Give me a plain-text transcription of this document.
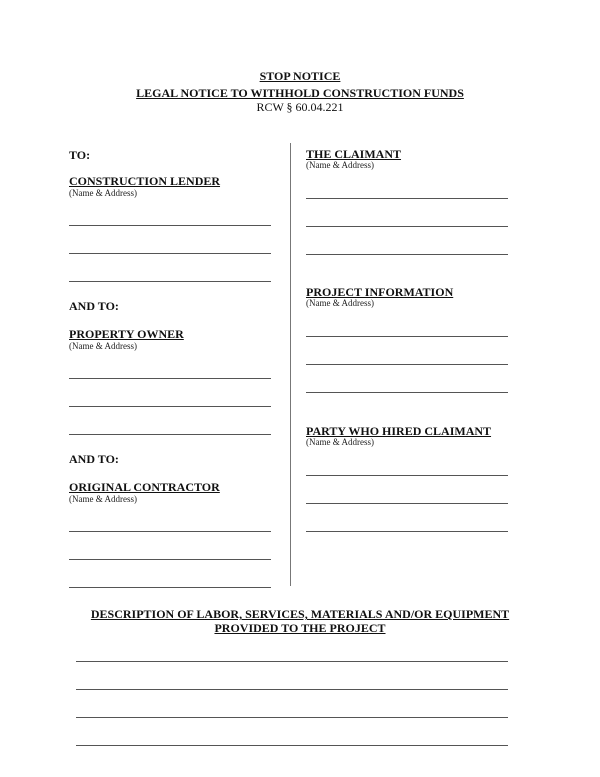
STOP NOTICE
LEGAL NOTICE TO WITHHOLD CONSTRUCTION FUNDS
RCW § 60.04.221
TO:
CONSTRUCTION LENDER
(Name & Address)
AND TO:
PROPERTY OWNER
(Name & Address)
AND TO:
ORIGINAL CONTRACTOR
(Name & Address)
THE CLAIMANT
(Name & Address)
PROJECT INFORMATION
(Name & Address)
PARTY WHO HIRED CLAIMANT
(Name & Address)
DESCRIPTION OF LABOR, SERVICES, MATERIALS AND/OR EQUIPMENT
PROVIDED TO THE PROJECT
